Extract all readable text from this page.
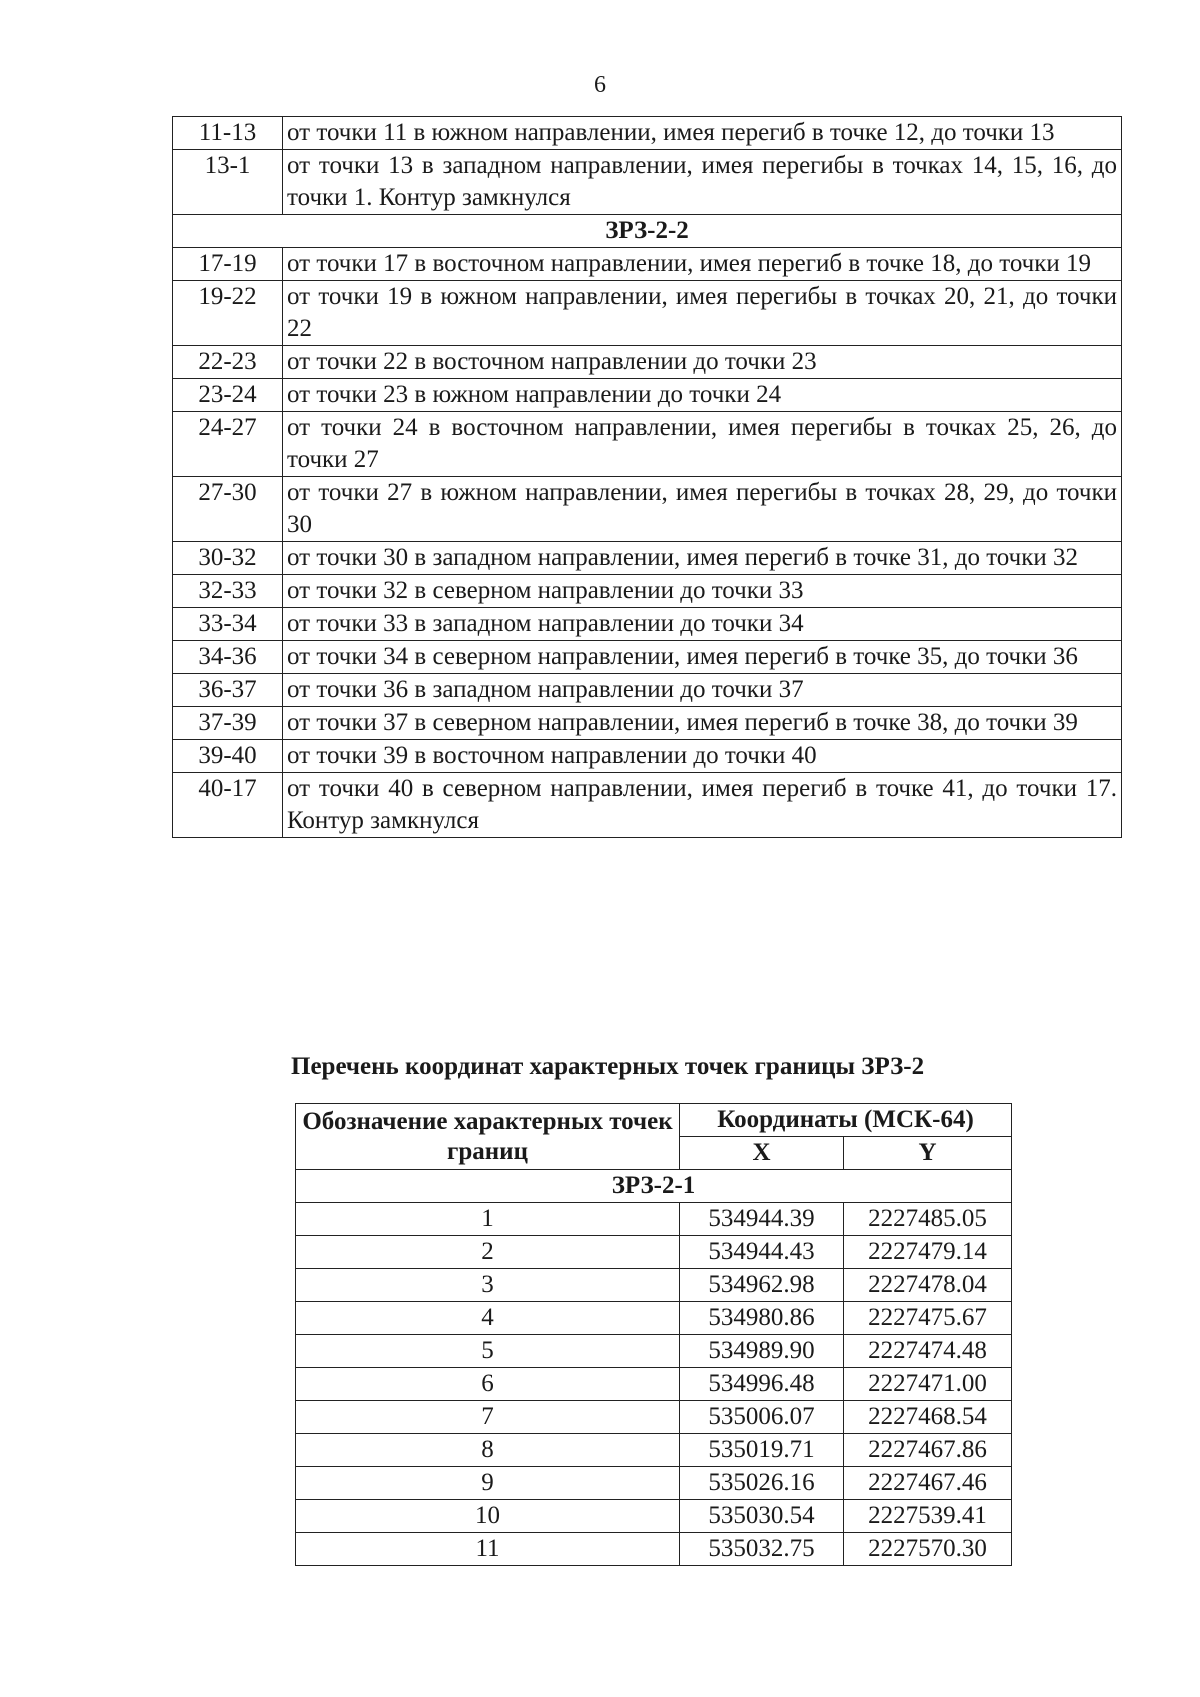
6
11-13	от точки 11 в южном направлении, имея перегиб в точке 12, до точки 13
13-1	от точки 13 в западном направлении, имея перегибы в точках 14, 15, 16, до точки 1. Контур замкнулся
ЗРЗ-2-2	
17-19	от точки 17 в восточном направлении, имея перегиб в точке 18, до точки 19
19-22	от точки 19 в южном направлении, имея перегибы в точках 20, 21, до точки 22
22-23	от точки 22 в восточном направлении до точки 23
23-24	от точки 23 в южном направлении до точки 24
24-27	от точки 24 в восточном направлении, имея перегибы в точках 25, 26, до точки 27
27-30	от точки 27 в южном направлении, имея перегибы в точках 28, 29, до точки 30
30-32	от точки 30 в западном направлении, имея перегиб в точке 31, до точки 32
32-33	от точки 32 в северном направлении до точки 33
33-34	от точки 33 в западном направлении до точки 34
34-36	от точки 34 в северном направлении, имея перегиб в точке 35, до точки 36
36-37	от точки 36 в западном направлении до точки 37
37-39	от точки 37 в северном направлении, имея перегиб в точке 38, до точки 39
39-40	от точки 39 в восточном направлении до точки 40
40-17	от точки 40 в северном направлении, имея перегиб в точке 41, до точки 17. Контур замкнулся
Перечень координат характерных точек границы ЗРЗ-2
Обозначение характерных точек границ	Координаты (МСК-64)	
	X	Y
ЗРЗ-2-1		
1	534944.39	2227485.05
2	534944.43	2227479.14
3	534962.98	2227478.04
4	534980.86	2227475.67
5	534989.90	2227474.48
6	534996.48	2227471.00
7	535006.07	2227468.54
8	535019.71	2227467.86
9	535026.16	2227467.46
10	535030.54	2227539.41
11	535032.75	2227570.30
